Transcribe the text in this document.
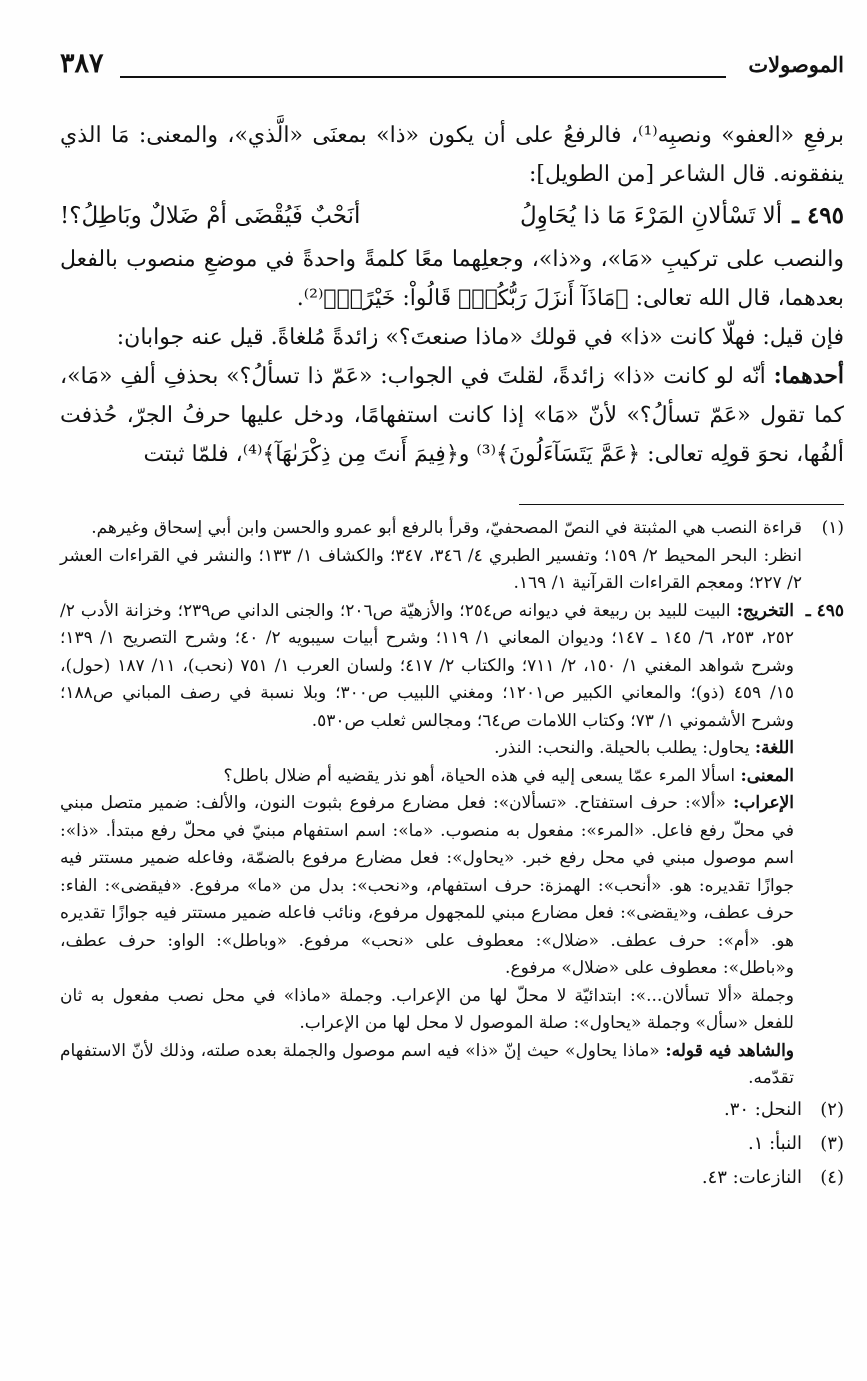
الموصولات
٣٨٧

برفعِ «العفو» ونصبِه⁽¹⁾، فالرفعُ على أن يكون «ذا» بمعنَى «الَّذي»، والمعنى: مَا الذي ينفقونه. قال الشاعر [من الطويل]:

٤٩٥ ـ
ألا تَسْألانِ المَرْءَ مَا ذا يُحَاوِلُ
أنَحْبٌ فَيُقْضَى أمْ ضَلالٌ وبَاطِلُ؟!

والنصب على تركيبِ «مَا»، و«ذا»، وجعلِهما معًا كلمةً واحدةً في موضعِ منصوب بالفعل بعدهما، قال الله تعالى: ﴿مَاذَآ أَنزَلَ رَبُّكُمْۚ قَالُواْ: خَيْرًاۗ﴾⁽²⁾.

فإن قيل: فهلّا كانت «ذا» في قولك «ماذا صنعتَ؟» زائدةً مُلغاةً. قيل عنه جوابان:

أحدهما: أنّه لو كانت «ذا» زائدةً، لقلتَ في الجواب: «عَمّ ذا تسألُ؟» بحذفِ ألفِ «مَا»، كما تقول «عَمّ تسألُ؟» لأنّ «مَا» إذا كانت استفهامًا، ودخل عليها حرفُ الجرّ، حُذفت ألفُها، نحوَ قولِه تعالى: ﴿عَمَّ يَتَسَآءَلُونَ﴾⁽³⁾ و﴿فِيمَ أَنتَ مِن ذِكْرَىٰهَآ﴾⁽⁴⁾، فلمّا ثبتت

(١)

قراءة النصب هي المثبتة في النصّ المصحفيّ، وقرأ بالرفع أبو عمرو والحسن وابن أبي إسحاق وغيرهم.

انظر: البحر المحيط ٢/ ١٥٩؛ وتفسير الطبري ٤/ ٣٤٦، ٣٤٧؛ والكشاف ١/ ١٣٣؛ والنشر في القراءات العشر ٢/ ٢٢٧؛ ومعجم القراءات القرآنية ١/ ١٦٩.

٤٩٥ ـ

التخريج: البيت للبيد بن ربيعة في ديوانه ص٢٥٤؛ والأزهيّة ص٢٠٦؛ والجنى الداني ص٢٣٩؛ وخزانة الأدب ٢/ ٢٥٢، ٢٥٣، ٦/ ١٤٥ ـ ١٤٧؛ وديوان المعاني ١/ ١١٩؛ وشرح أبيات سيبويه ٢/ ٤٠؛ وشرح التصريح ١/ ١٣٩؛ وشرح شواهد المغني ١/ ١٥٠، ٢/ ٧١١؛ والكتاب ٢/ ٤١٧؛ ولسان العرب ١/ ٧٥١ (نحب)، ١١/ ١٨٧ (حول)، ١٥/ ٤٥٩ (ذو)؛ والمعاني الكبير ص١٢٠١؛ ومغني اللبيب ص٣٠٠؛ وبلا نسبة في رصف المباني ص١٨٨؛ وشرح الأشموني ١/ ٧٣؛ وكتاب اللامات ص٦٤؛ ومجالس ثعلب ص٥٣٠.

اللغة: يحاول: يطلب بالحيلة. والنحب: النذر.

المعنى: اسألا المرء عمّا يسعى إليه في هذه الحياة، أهو نذر يقضيه أم ضلال باطل؟

الإعراب: «ألا»: حرف استفتاح. «تسألان»: فعل مضارع مرفوع بثبوت النون، والألف: ضمير متصل مبني في محلّ رفع فاعل. «المرء»: مفعول به منصوب. «ما»: اسم استفهام مبنيّ في محلّ رفع مبتدأ. «ذا»: اسم موصول مبني في محل رفع خبر. «يحاول»: فعل مضارع مرفوع بالضمّة، وفاعله ضمير مستتر فيه جوازًا تقديره: هو. «أنحب»: الهمزة: حرف استفهام، و«نحب»: بدل من «ما» مرفوع. «فيقضى»: الفاء: حرف عطف، و«يقضى»: فعل مضارع مبني للمجهول مرفوع، ونائب فاعله ضمير مستتر فيه جوازًا تقديره هو. «أم»: حرف عطف. «ضلال»: معطوف على «نحب» مرفوع. «وباطل»: الواو: حرف عطف، و«باطل»: معطوف على «ضلال» مرفوع.

وجملة «ألا تسألان...»: ابتدائيّة لا محلّ لها من الإعراب. وجملة «ماذا» في محل نصب مفعول به ثان للفعل «سأل» وجملة «يحاول»: صلة الموصول لا محل لها من الإعراب.

والشاهد فيه قوله: «ماذا يحاول» حيث إنّ «ذا» فيه اسم موصول والجملة بعده صلته، وذلك لأنّ الاستفهام تقدّمه.

(٢)
النحل: ٣٠.
(٣)
النبأ: ١.
(٤)
النازعات: ٤٣.
